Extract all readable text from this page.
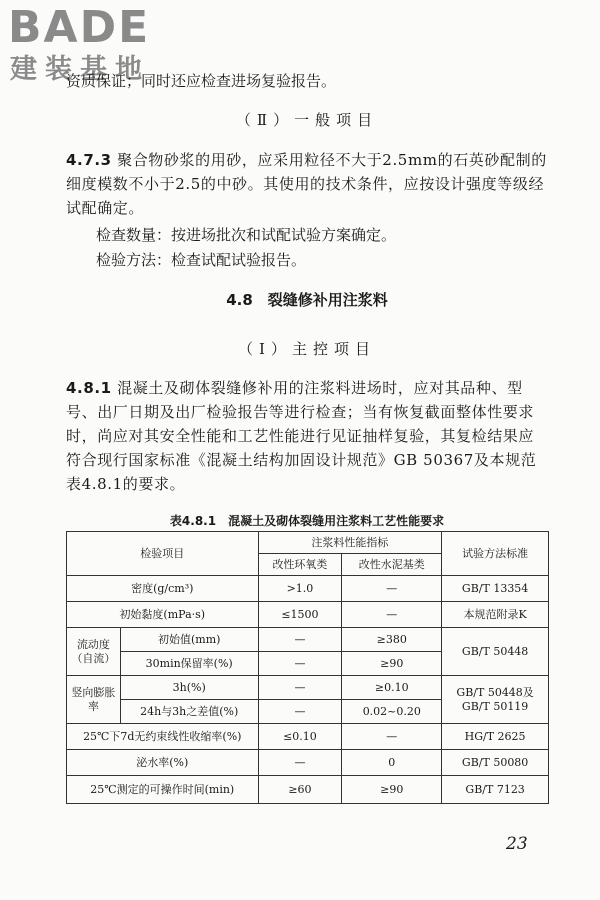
BADE
建装基地
资质保证；同时还应检查进场复验报告。
（Ⅱ）一般项目
4.7.3 聚合物砂浆的用砂，应采用粒径不大于2.5mm的石英砂配制的细度模数不小于2.5的中砂。其使用的技术条件，应按设计强度等级经试配确定。
检查数量：按进场批次和试配试验方案确定。
检验方法：检查试配试验报告。
4.8　裂缝修补用注浆料
（Ⅰ）主控项目
4.8.1 混凝土及砌体裂缝修补用的注浆料进场时，应对其品种、型号、出厂日期及出厂检验报告等进行检查；当有恢复截面整体性要求时，尚应对其安全性能和工艺性能进行见证抽样复验，其复检结果应符合现行国家标准《混凝土结构加固设计规范》GB 50367及本规范表4.8.1的要求。
表4.8.1　混凝土及砌体裂缝用注浆料工艺性能要求
检验项目		注浆料性能指标		试验方法标准
		改性环氧类	改性水泥基类	
密度(g/cm³)		>1.0	—	GB/T 13354
初始黏度(mPa·s)		≤1500	—	本规范附录K
流动度（自流）	初始值(mm)	—	≥380	GB/T 50448
	30min保留率(%)	—	≥90	
竖向膨胀率	3h(%)	—	≥0.10	GB/T 50448及GB/T 50119
	24h与3h之差值(%)	—	0.02~0.20	
25℃下7d无约束线性收缩率(%)		≤0.10	—	HG/T 2625
泌水率(%)		—	0	GB/T 50080
25℃测定的可操作时间(min)		≥60	≥90	GB/T 7123
23
